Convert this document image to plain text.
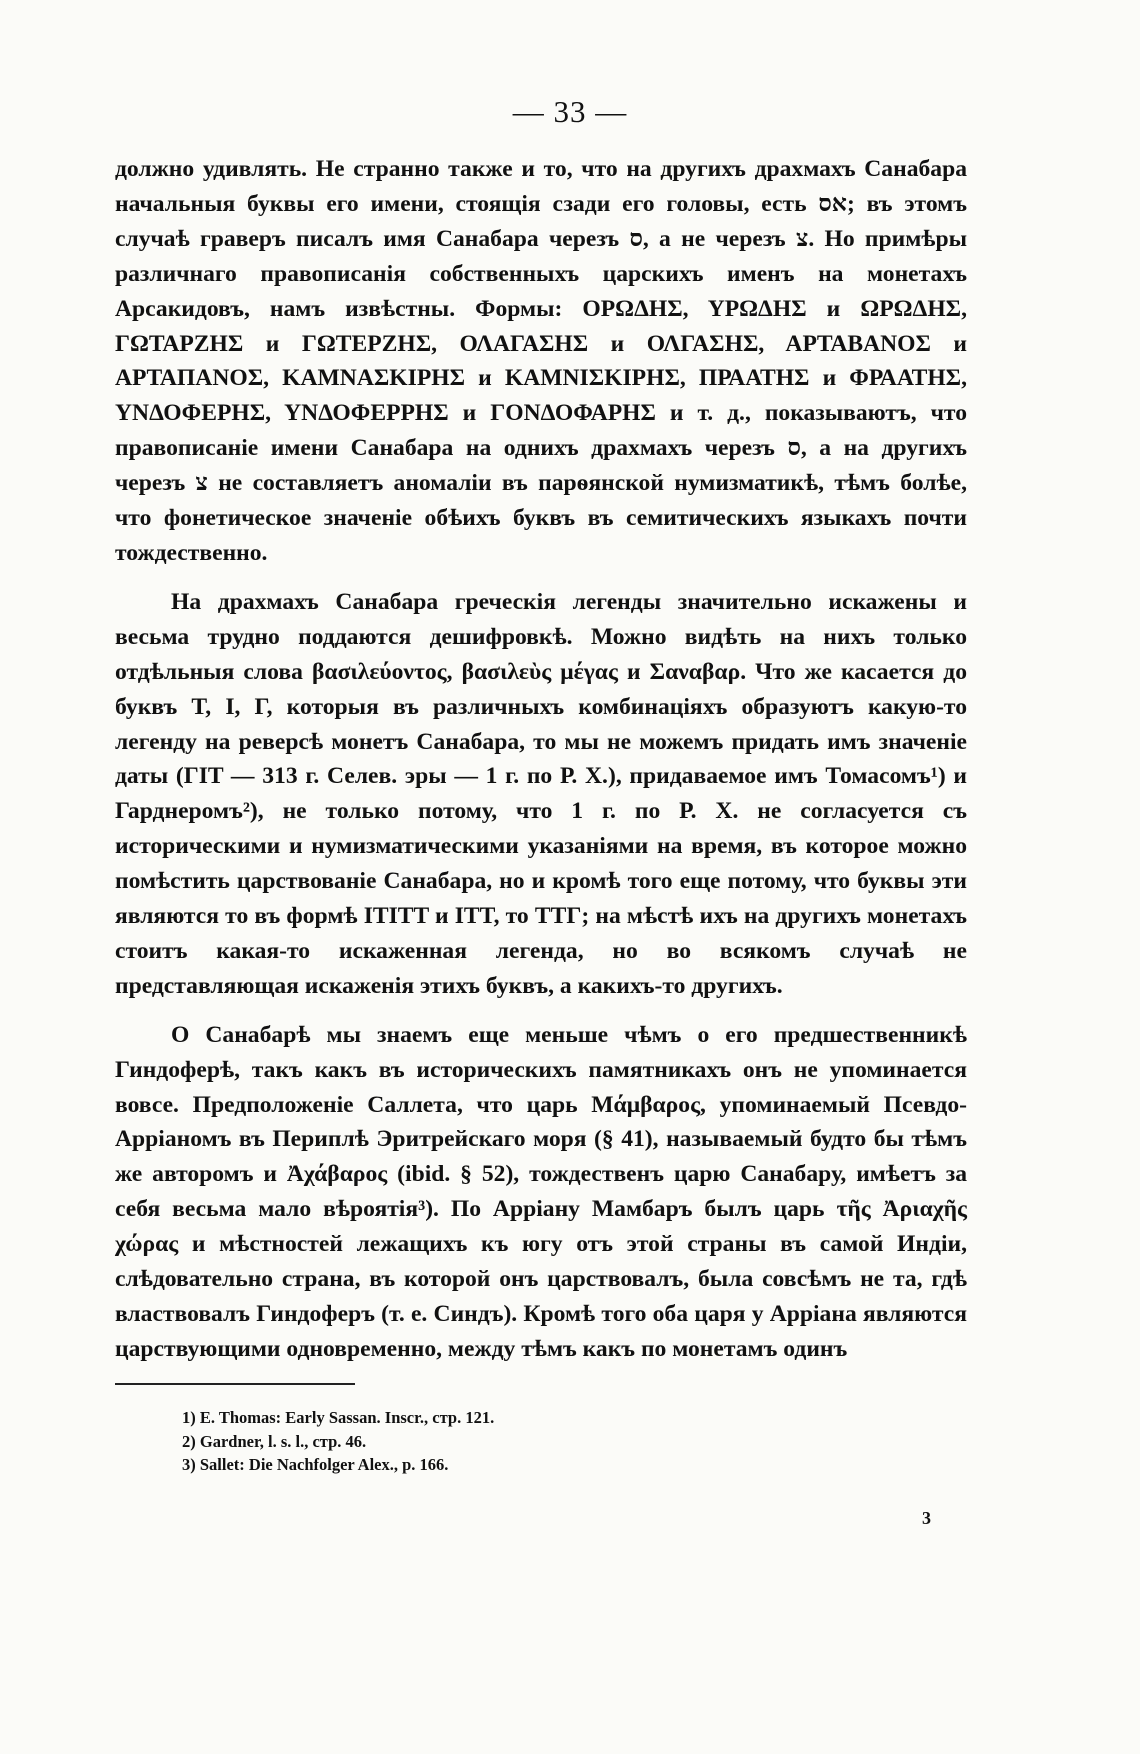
— 33 —

должно удивлять. Не странно также и то, что на другихъ драхмахъ Санабара начальныя буквы его имени, стоящія сзади его головы, есть אס; въ этомъ случаѣ граверъ писалъ имя Санабара черезъ ס, а не черезъ צ. Но примѣры различнаго правописанія собственныхъ царскихъ именъ на монетахъ Арсакидовъ, намъ извѣстны. Формы: ΟΡΩΔΗΣ, ΥΡΩΔΗΣ и ΩΡΩΔΗΣ, ΓΩΤΑΡΖΗΣ и ΓΩΤΕΡΖΗΣ, ΟΛΑΓΑΣΗΣ и ΟΛΓΑΣΗΣ, ΑΡΤΑΒΑΝΟΣ и ΑΡΤΑΠΑΝΟΣ, ΚΑΜΝΑΣΚΙΡΗΣ и ΚΑΜΝΙΣΚΙΡΗΣ, ΠΡΑΑΤΗΣ и ΦΡΑΑΤΗΣ, ΥΝΔΟΦΕΡΗΣ, ΥΝΔΟΦΕΡΡΗΣ и ΓΟΝΔΟΦΑΡΗΣ и т. д., показываютъ, что правописаніе имени Санабара на однихъ драхмахъ черезъ ס, а на другихъ черезъ צ не составляетъ аномаліи въ парѳянской нумизматикѣ, тѣмъ болѣе, что фонетическое значеніе обѣихъ буквъ въ семитическихъ языкахъ почти тождественно.

На драхмахъ Санабара греческія легенды значительно искажены и весьма трудно поддаются дешифровкѣ. Можно видѣть на нихъ только отдѣльныя слова βασιλεύοντος, βασιλεὺς μέγας и Σαναβαρ. Что же касается до буквъ Τ, Ι, Γ, которыя въ различныхъ комбинаціяхъ образуютъ какую-то легенду на реверсѣ монетъ Санабара, то мы не можемъ придать имъ значеніе даты (ΓΙΤ — 313 г. Селев. эры — 1 г. по Р. Х.), придаваемое имъ Томасомъ¹) и Гарднеромъ²), не только потому, что 1 г. по Р. Х. не согласуется съ историческими и нумизматическими указаніями на время, въ которое можно помѣстить царствованіе Санабара, но и кромѣ того еще потому, что буквы эти являются то въ формѣ ΙΤΙΤΤ и ΙΤΤ, то ΤΤΓ; на мѣстѣ ихъ на другихъ монетахъ стоитъ какая-то искаженная легенда, но во всякомъ случаѣ не представляющая искаженія этихъ буквъ, а какихъ-то другихъ.

О Санабарѣ мы знаемъ еще меньше чѣмъ о его предшественникѣ Гиндоферѣ, такъ какъ въ историческихъ памятникахъ онъ не упоминается вовсе. Предположеніе Саллета, что царь Μάμβαρος, упоминаемый Псевдо-Арріаномъ въ Периплѣ Эритрейскаго моря (§ 41), называемый будто бы тѣмъ же авторомъ и Ἀχάβαρος (ibid. § 52), тождественъ царю Санабару, имѣетъ за себя весьма мало вѣроятія³). По Арріану Мамбаръ былъ царь τῆς Ἀριαχῆς χώρας и мѣстностей лежащихъ къ югу отъ этой страны въ самой Индіи, слѣдовательно страна, въ которой онъ царствовалъ, была совсѣмъ не та, гдѣ властвовалъ Гиндоферъ (т. е. Синдъ). Кромѣ того оба царя у Арріана являются царствующими одновременно, между тѣмъ какъ по монетамъ одинъ

1) E. Thomas: Early Sassan. Inscr., стр. 121.
2) Gardner, l. s. l., стр. 46.
3) Sallet: Die Nachfolger Alex., p. 166.
3
